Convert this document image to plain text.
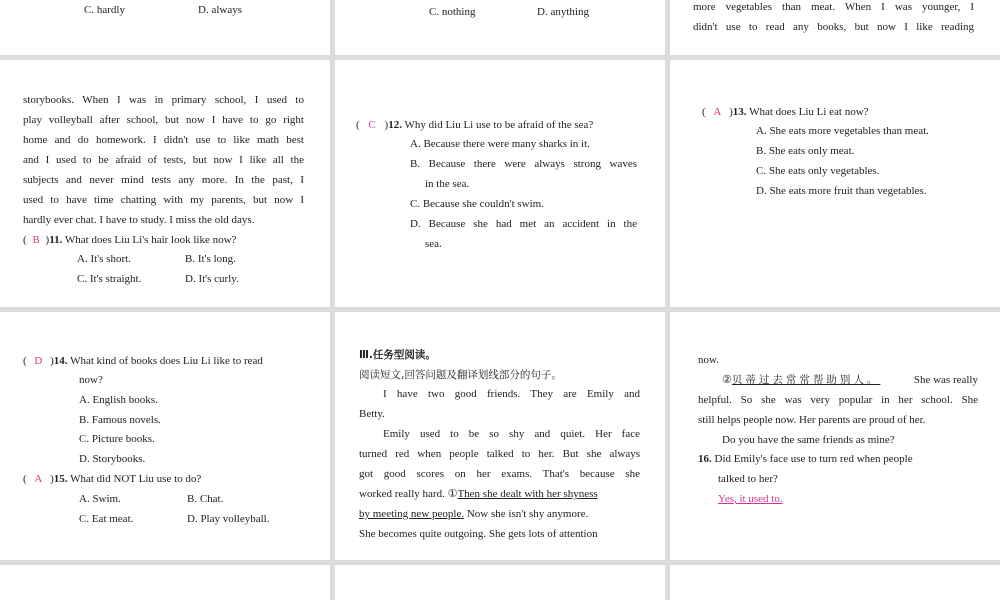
C. hardly	D. always	C. nothing	D. anything	more vegetables than meat. When I was younger, I
didn't use to read any books, but now I like reading
storybooks. When I was in primary school, I used to
play volleyball after school, but now I have to go right
home and do homework. I didn't use to like math best
and I used to be afraid of tests, but now I like all the
subjects and never mind tests any more. In the past, I
used to have time chatting with my parents, but now I
hardly ever chat. I have to study. I miss the old days.
( B )11. What does Liu Li's hair look like now?
A. It's short.	B. It's long.
C. It's straight.	D. It's curly.
( C )12. Why did Liu Li use to be afraid of the sea?
A. Because there were many sharks in it.
B. Because there were always strong waves
in the sea.
C. Because she couldn't swim.
D. Because she had met an accident in the
sea.
( A )13. What does Liu Li eat now?
A. She eats more vegetables than meat.
B. She eats only meat.
C. She eats only vegetables.
D. She eats more fruit than vegetables.
( D )14. What kind of books does Liu Li like to read
now?
A. English books.
B. Famous novels.
C. Picture books.
D. Storybooks.
( A )15. What did NOT Liu use to do?
A. Swim.	B. Chat.
C. Eat meat.	D. Play volleyball.
Ⅲ.任务型阅读。
阅读短文,回答问题及翻译划线部分的句子。
I have two good friends. They are Emily and
Betty.
Emily used to be so shy and quiet. Her face
turned red when people talked to her. But she always
got good scores on her exams. That's because she
worked really hard. ①Then she dealt with her shyness
by meeting new people. Now she isn't shy anymore.
She becomes quite outgoing. She gets lots of attention
now.
②贝蒂过去常常帮助别人。	She was really
helpful. So she was very popular in her school. She
still helps people now. Her parents are proud of her.
Do you have the same friends as mine?
16. Did Emily's face use to turn red when people
talked to her?
Yes, it used to.
